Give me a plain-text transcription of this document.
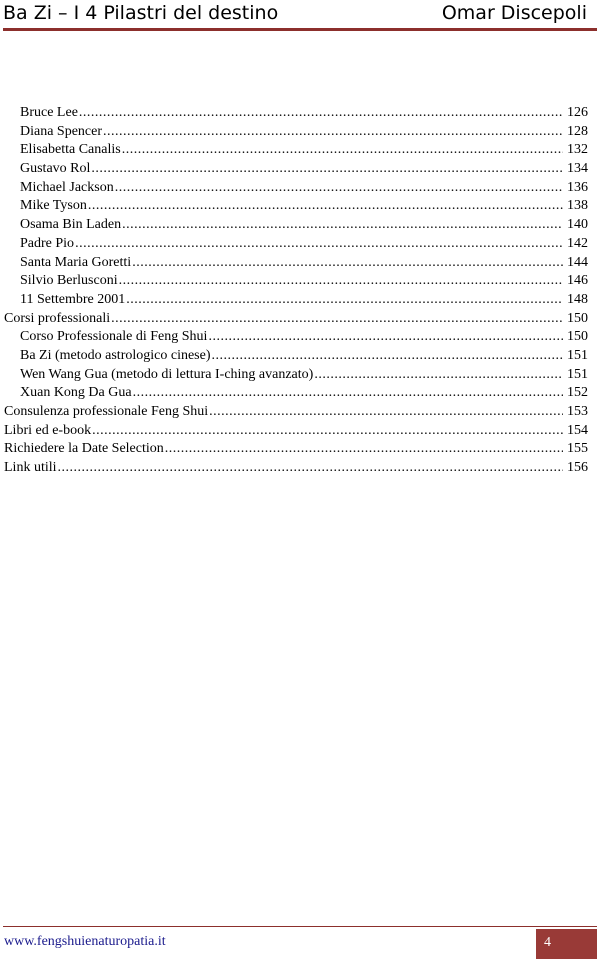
Ba Zi – I 4 Pilastri del destino	Omar Discepoli
Bruce Lee .....	126
Diana Spencer .....	128
Elisabetta Canalis .....	132
Gustavo Rol .....	134
Michael Jackson .....	136
Mike Tyson .....	138
Osama Bin Laden .....	140
Padre Pio .....	142
Santa Maria Goretti .....	144
Silvio Berlusconi .....	146
11 Settembre 2001 .....	148
Corsi professionali .....	150
Corso Professionale di Feng Shui .....	150
Ba Zi (metodo astrologico cinese) .....	151
Wen Wang Gua (metodo di lettura I-ching avanzato) .....	151
Xuan Kong Da Gua .....	152
Consulenza professionale Feng Shui .....	153
Libri ed e-book .....	154
Richiedere la Date Selection .....	155
Link utili .....	156
www.fengshuienaturopatia.it	4
